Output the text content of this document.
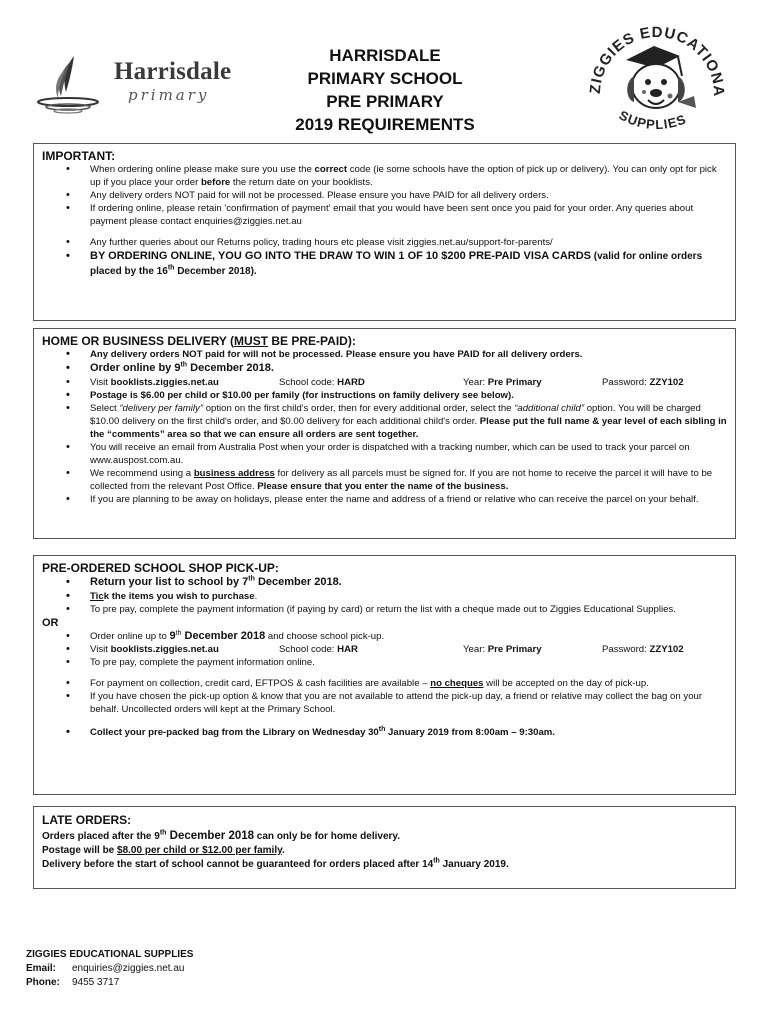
Harrisdale
primary
HARRISDALE
PRIMARY SCHOOL
PRE PRIMARY
2019 REQUIREMENTS
ZIGGIES EDUCATIONA
SUPPLIES
IMPORTANT:
• When ordering online please make sure you use the correct code (ie some schools have the option of pick up or delivery). You can only opt for pick up if you place your order before the return date on your booklists.
• Any delivery orders NOT paid for will not be processed. Please ensure you have PAID for all delivery orders.
• If ordering online, please retain 'confirmation of payment' email that you would have been sent once you paid for your order. Any queries about payment please contact enquiries@ziggies.net.au
• Any further queries about our Returns policy, trading hours etc please visit ziggies.net.au/support-for-parents/
• BY ORDERING ONLINE, YOU GO INTO THE DRAW TO WIN 1 OF 10 $200 PRE-PAID VISA CARDS (valid for online orders placed by the 16th December 2018).
HOME OR BUSINESS DELIVERY (MUST BE PRE-PAID):
• Any delivery orders NOT paid for will not be processed. Please ensure you have PAID for all delivery orders.
• Order online by 9th December 2018.
• Visit booklists.ziggies.net.au	School code: HARD	Year: Pre Primary	Password: ZZY102
• Postage is $6.00 per child or $10.00 per family (for instructions on family delivery see below).
• Select “delivery per family” option on the first child's order, then for every additional order, select the “additional child” option. You will be charged $10.00 delivery on the first child's order, and $0.00 delivery for each additional child's order. Please put the full name & year level of each sibling in the “comments” area so that we can ensure all orders are sent together.
• You will receive an email from Australia Post when your order is dispatched with a tracking number, which can be used to track your parcel on www.auspost.com.au.
• We recommend using a business address for delivery as all parcels must be signed for. If you are not home to receive the parcel it will have to be collected from the relevant Post Office. Please ensure that you enter the name of the business.
• If you are planning to be away on holidays, please enter the name and address of a friend or relative who can receive the parcel on your behalf.
PRE-ORDERED SCHOOL SHOP PICK-UP:
• Return your list to school by 7th December 2018.
• Tick the items you wish to purchase.
• To pre pay, complete the payment information (if paying by card) or return the list with a cheque made out to Ziggies Educational Supplies.

OR

• Order online up to 9th December 2018 and choose school pick-up.
• Visit booklists.ziggies.net.au	School code: HAR	Year: Pre Primary	Password: ZZY102
• To pre pay, complete the payment information online.
• For payment on collection, credit card, EFTPOS & cash facilities are available – no cheques will be accepted on the day of pick-up.
• If you have chosen the pick-up option & know that you are not available to attend the pick-up day, a friend or relative may collect the bag on your behalf. Uncollected orders will kept at the Primary School.
• Collect your pre-packed bag from the Library on Wednesday 30th January 2019 from 8:00am – 9:30am.
LATE ORDERS:

Orders placed after the 9th December 2018 can only be for home delivery.

Postage will be $8.00 per child or $12.00 per family.

Delivery before the start of school cannot be guaranteed for orders placed after 14th January 2019.

ZIGGIES EDUCATIONAL SUPPLIES
Email: enquiries@ziggies.net.au
Phone: 9455 3717
